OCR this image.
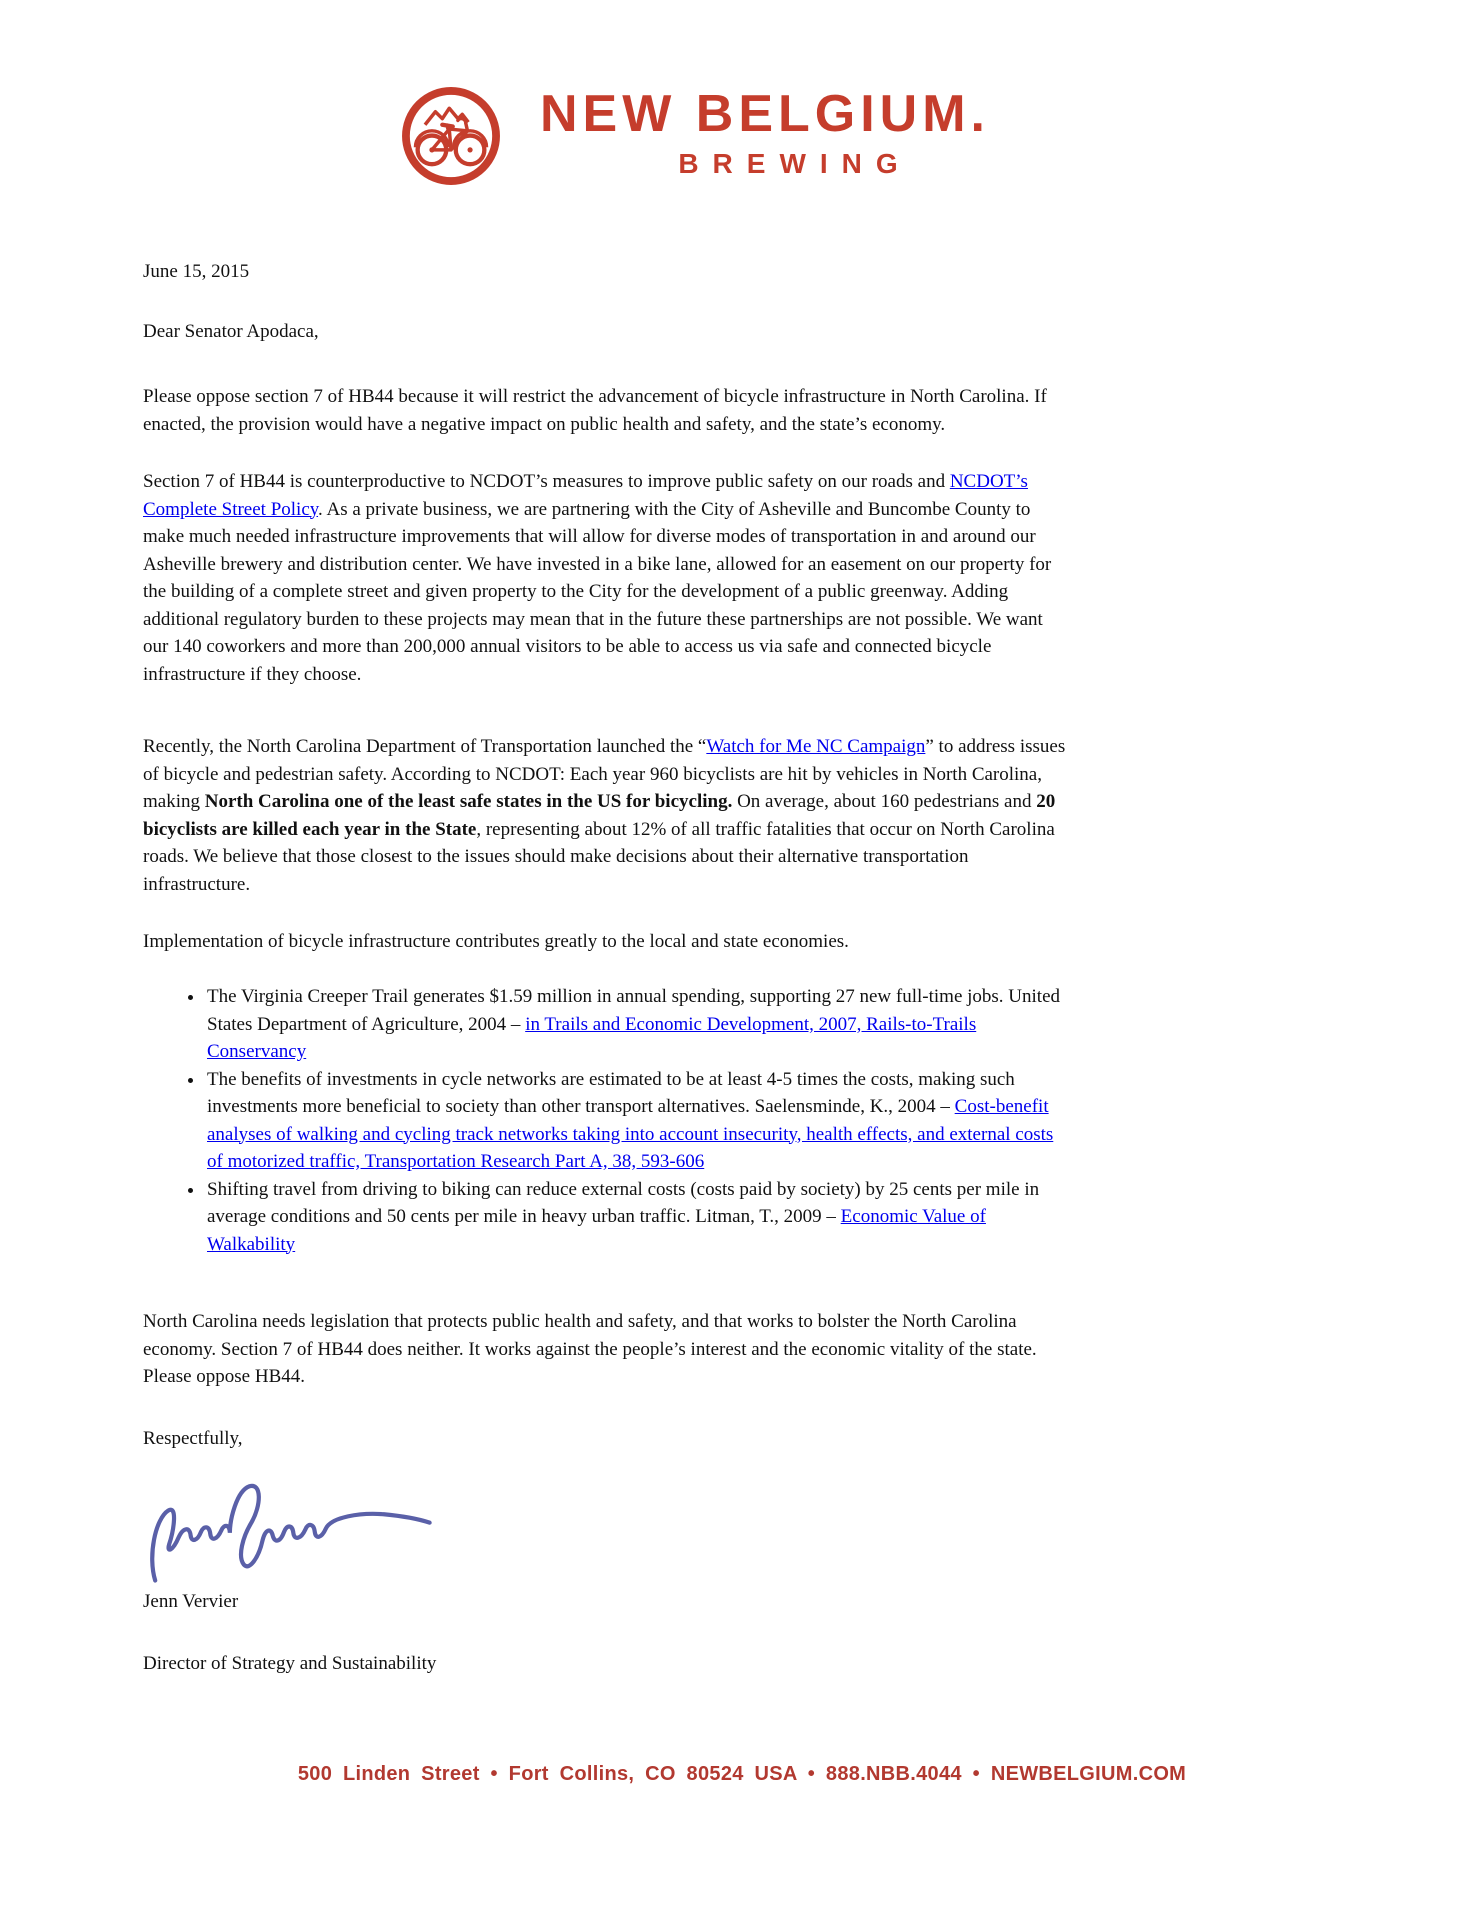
NEW BELGIUM.
BREWING
June 15, 2015
Dear Senator Apodaca,
Please oppose section 7 of HB44 because it will restrict the advancement of bicycle infrastructure in North Carolina. If enacted, the provision would have a negative impact on public health and safety, and the state’s economy.
Section 7 of HB44 is counterproductive to NCDOT’s measures to improve public safety on our roads and NCDOT’s Complete Street Policy. As a private business, we are partnering with the City of Asheville and Buncombe County to make much needed infrastructure improvements that will allow for diverse modes of transportation in and around our Asheville brewery and distribution center. We have invested in a bike lane, allowed for an easement on our property for the building of a complete street and given property to the City for the development of a public greenway. Adding additional regulatory burden to these projects may mean that in the future these partnerships are not possible. We want our 140 coworkers and more than 200,000 annual visitors to be able to access us via safe and connected bicycle infrastructure if they choose.
Recently, the North Carolina Department of Transportation launched the “Watch for Me NC Campaign” to address issues of bicycle and pedestrian safety. According to NCDOT: Each year 960 bicyclists are hit by vehicles in North Carolina, making North Carolina one of the least safe states in the US for bicycling. On average, about 160 pedestrians and 20 bicyclists are killed each year in the State, representing about 12% of all traffic fatalities that occur on North Carolina roads. We believe that those closest to the issues should make decisions about their alternative transportation infrastructure.
Implementation of bicycle infrastructure contributes greatly to the local and state economies.
• The Virginia Creeper Trail generates $1.59 million in annual spending, supporting 27 new full-time jobs. United States Department of Agriculture, 2004 – in Trails and Economic Development, 2007, Rails-to-Trails Conservancy
• The benefits of investments in cycle networks are estimated to be at least 4-5 times the costs, making such investments more beneficial to society than other transport alternatives. Saelensminde, K., 2004 – Cost-benefit analyses of walking and cycling track networks taking into account insecurity, health effects, and external costs of motorized traffic, Transportation Research Part A, 38, 593-606
• Shifting travel from driving to biking can reduce external costs (costs paid by society) by 25 cents per mile in average conditions and 50 cents per mile in heavy urban traffic. Litman, T., 2009 – Economic Value of Walkability
North Carolina needs legislation that protects public health and safety, and that works to bolster the North Carolina economy. Section 7 of HB44 does neither. It works against the people’s interest and the economic vitality of the state. Please oppose HB44.
Respectfully,
Jenn Vervier
Director of Strategy and Sustainability
500 Linden Street • Fort Collins, CO 80524 USA • 888.NBB.4044 • NEWBELGIUM.COM
